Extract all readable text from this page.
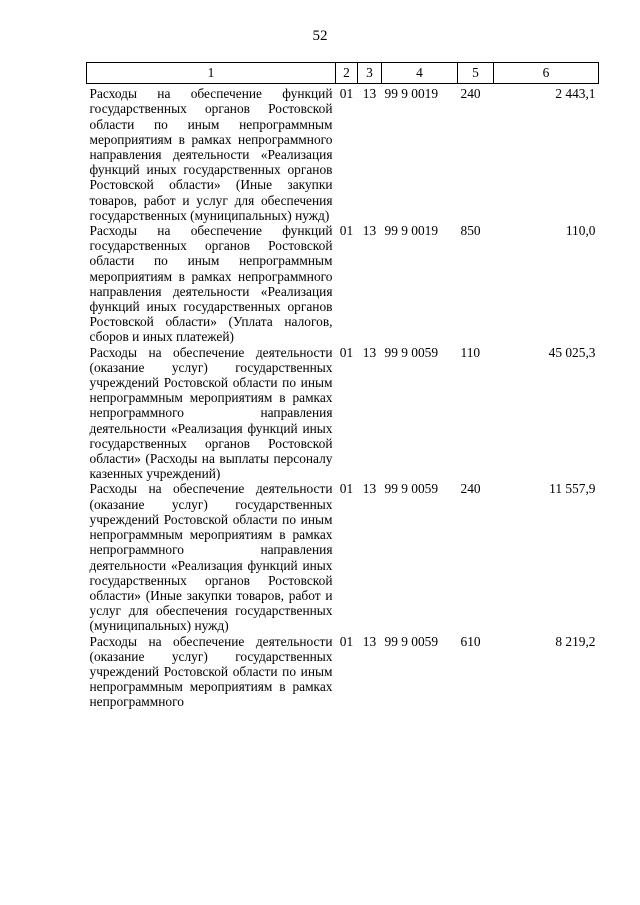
52
1	2	3	4	5	6
Расходы на обеспечение функций государственных органов Ростовской области по иным непрограммным мероприятиям в рамках непрограммного направления деятельности «Реализация функций иных государственных органов Ростовской области» (Иные закупки товаров, работ и услуг для обеспечения государственных (муниципальных) нужд)	01	13	99 9 0019	240	2 443,1
Расходы на обеспечение функций государственных органов Ростовской области по иным непрограммным мероприятиям в рамках непрограммного направления деятельности «Реализация функций иных государственных органов Ростовской области» (Уплата налогов, сборов и иных платежей)	01	13	99 9 0019	850	110,0
Расходы на обеспечение деятельности (оказание услуг) государственных учреждений Ростовской области по иным непрограммным мероприятиям в рамках непрограммного направления деятельности «Реализация функций иных государственных органов Ростовской области» (Расходы на выплаты персоналу казенных учреждений)	01	13	99 9 0059	110	45 025,3
Расходы на обеспечение деятельности (оказание услуг) государственных учреждений Ростовской области по иным непрограммным мероприятиям в рамках непрограммного направления деятельности «Реализация функций иных государственных органов Ростовской области» (Иные закупки товаров, работ и услуг для обеспечения государственных (муниципальных) нужд)	01	13	99 9 0059	240	11 557,9
Расходы на обеспечение деятельности (оказание услуг) государственных учреждений Ростовской области по иным непрограммным мероприятиям в рамках непрограммного	01	13	99 9 0059	610	8 219,2
